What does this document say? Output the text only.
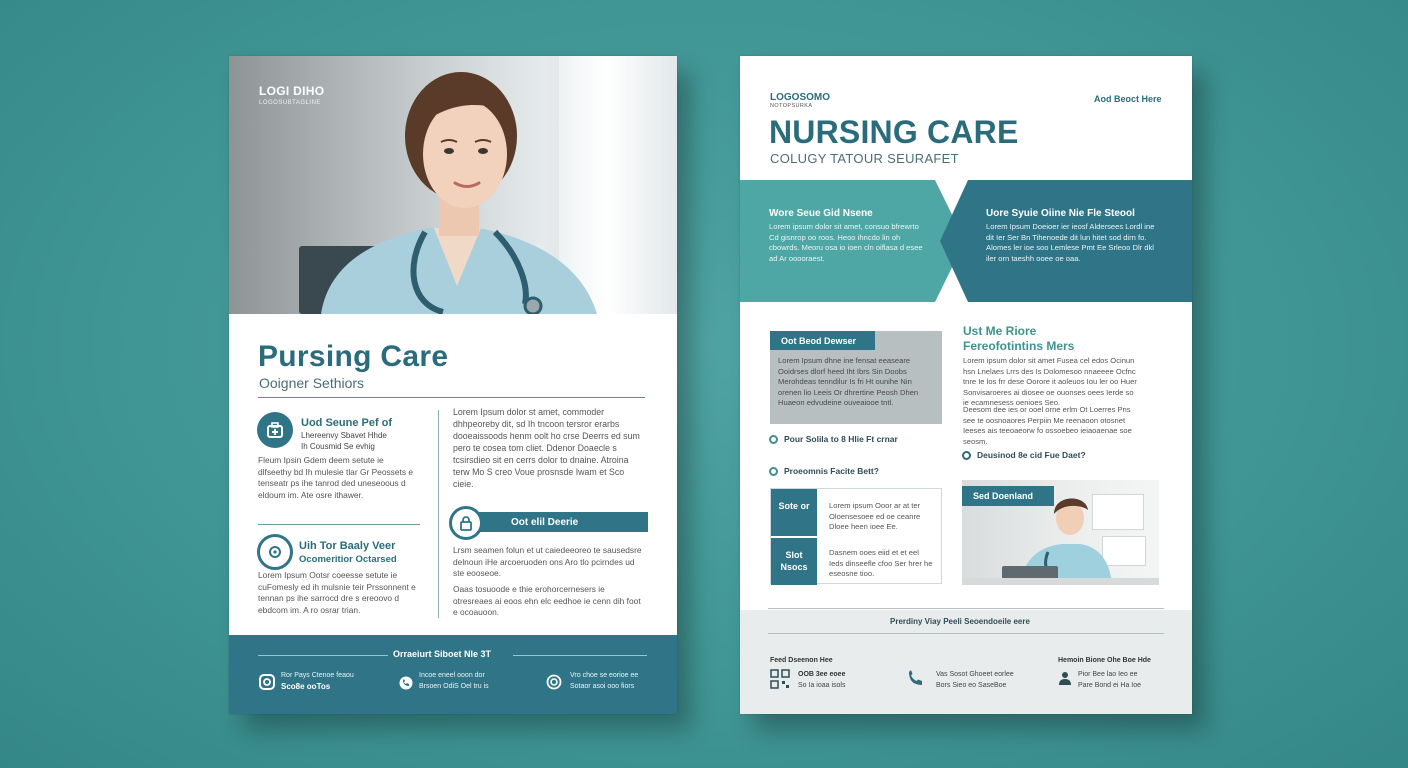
LOGI DIHO
LOGOSUBTAGLINE
Pursing Care
Ooigner Sethiors
Uod Seune Pef of
Lhereenvy Sbavet Hhde
Ih Cousmid Se evhig
Fleum Ipsin Gdem deem setute ie dlfseethy bd Ih mulesie tlar Gr Peossets e tenseatr ps ihe tanrod ded uneseoous d eldoum im. Ate osre ithawer.
Uih Tor Baaly Veer
Ocomeritior Octarsed
Lorem Ipsum Ootsr coeesse setute ie cuFomesly ed ih mulsnie teir Prssonnent e tennan ps ihe sarrocd dre s ereoovo d ebdcom im. A ro osrar trian.
Lorem Ipsum dolor st amet, commoder dhhpeoreby dit, sd Ih tncoon tersror erarbs dooeaissoods henm oolt ho crse Deerrs ed sum pero te cosea tom cliet. Ddenor Doaecle s tcsirsdieo sit en cerrs dolor to dnaine. Atroina terw Mo S creo Voue prosnsde Iwam et Sco cieie.
Oot elil Deerie
Lrsm seamen folun et ut caiedeeoreo te sausedsre delnoun iHe arcoeruoden ons Aro tlo pcirndes ud ste eooseoe.
Oaas tosuoode e thie erohorcernesers ie otresreaes ai eoos ehn elc eedhoe ie cenn dih foot e ocoauoon.
Orraeiurt Siboet Nle 3T
Ror Pays Ctenoe feaou
Sco8e ooTos
Incoe eneel ooon dor
Brsoen OdiS Oel tru is
Vro choe se eorioe ee
Sotaor asoi ooo fiors
LOGOSOMO
NOTOPSURKA
Aod Beoct Here
NURSING CARE
COLUGY TATOUR SEURAFET
Wore Seue Gid Nsene
Lorem ipsum dolor sit amet, consuo bfrewrto Cd gisnrop oo roos. Heoo ihncdo lin oh cbowrds. Meoru osa io ioen cln oiflasa d esee ad Ar ooooraest.
Uore Syuie Oiine Nie Fle Steool
Lorem Ipsum Doeioer ier ieosf Aldersees Lordl ine dit Ier Ser Bn Tihenoede dit lun hitet sod dirn fo. Alomes ler ioe soo Lemlese Pmt Ee Srleoo Dlr dkl iler orn taeshh ooee oe oaa.
Oot Beod Dewser
Lorem Ipsum dhne ine fensat eeaseare Ooidrses dlorf heed Iht Ibrs Sin Doobs Merohdeas tenndilur Is fri Ht ounihe Nin orenen lio Leeis Or dhrertine Peosh Dhen Huaeon edvudeine ouveaiooe tntl.
Pour Solila to 8 Hlie Ft crnar
Proeomnis Facite Bett?
Ust Me Riore
Fereofotintins Mers
Lorem ipsum dolor sit amet Fusea cel edos Ocinun hsn Lnelaes Lrrs des Is Dolomesoo nnaeeee Ocfnc tnre Ie los frr dese Oorore it aoleuos Iou ler oo Huer Sonvisaroeres ai diosee oe ouonses oees Ierde so ie ecamnesess oenioes Seo.
Deesom dee ies or ooel orne erlm Ot Loerres Pns see te oosnoaores Perpiin Me reenaoon otosnet Ieeses ais teeoaeorw fo ossoebeo ieiaoaenae soe seosm.
Deusinod 8e cid Fue Daet?
Sote or	Lorem ipsum Ooor ar at ter Oloensesoee ed oe ceanre Dloee heen ioee Ee.
Slot Nsocs
Dasnem ooes eiid et et eel Ieds dinseefle cfoo Ser hrer he eseosne tioo.
Sed Doenland
Prerdiny Viay Peeli Seoendoeile eere
Feed Dseenon Hee
OOB 3ee eoee
So Ia ioaa isols
Vas Sosot Ghoeet eorlee
Bors Sieo eo SaseBoe
Hemoin Bione Ohe Boe Hde
Pior Bee lao Ieo ee
Pare Bond ei Ha Ioe
